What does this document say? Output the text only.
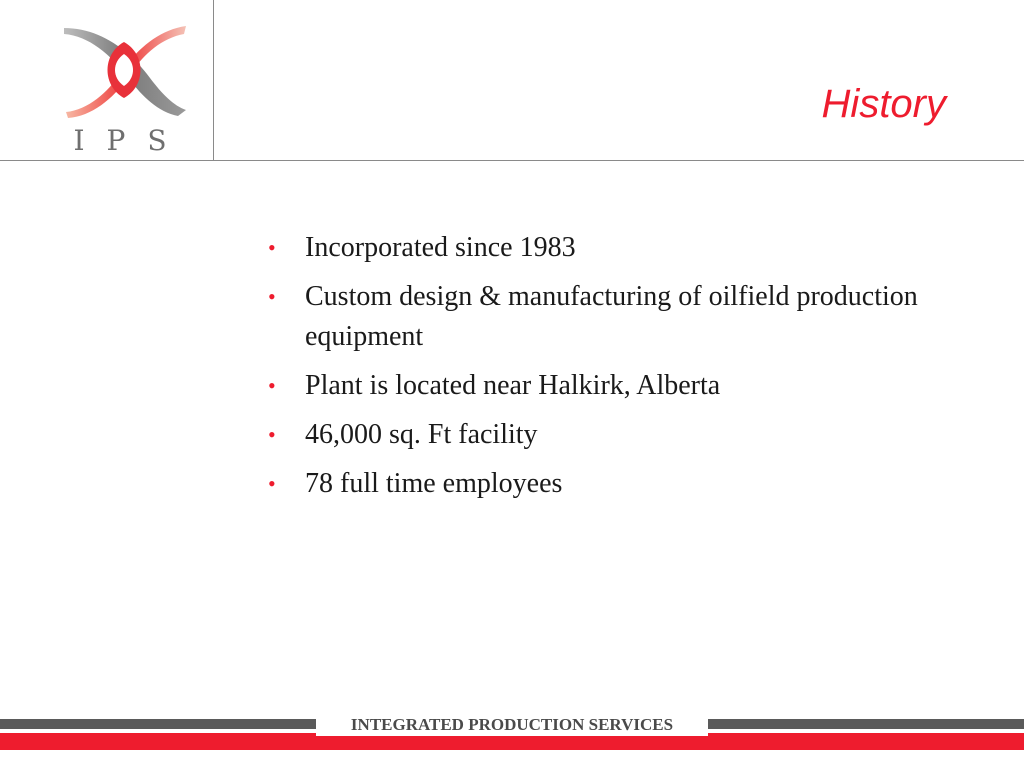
IPS
History
• Incorporated since 1983
• Custom design & manufacturing of oilfield production equipment
• Plant is located near Halkirk, Alberta
• 46,000 sq. Ft facility
• 78 full time employees
INTEGRATED PRODUCTION SERVICES
